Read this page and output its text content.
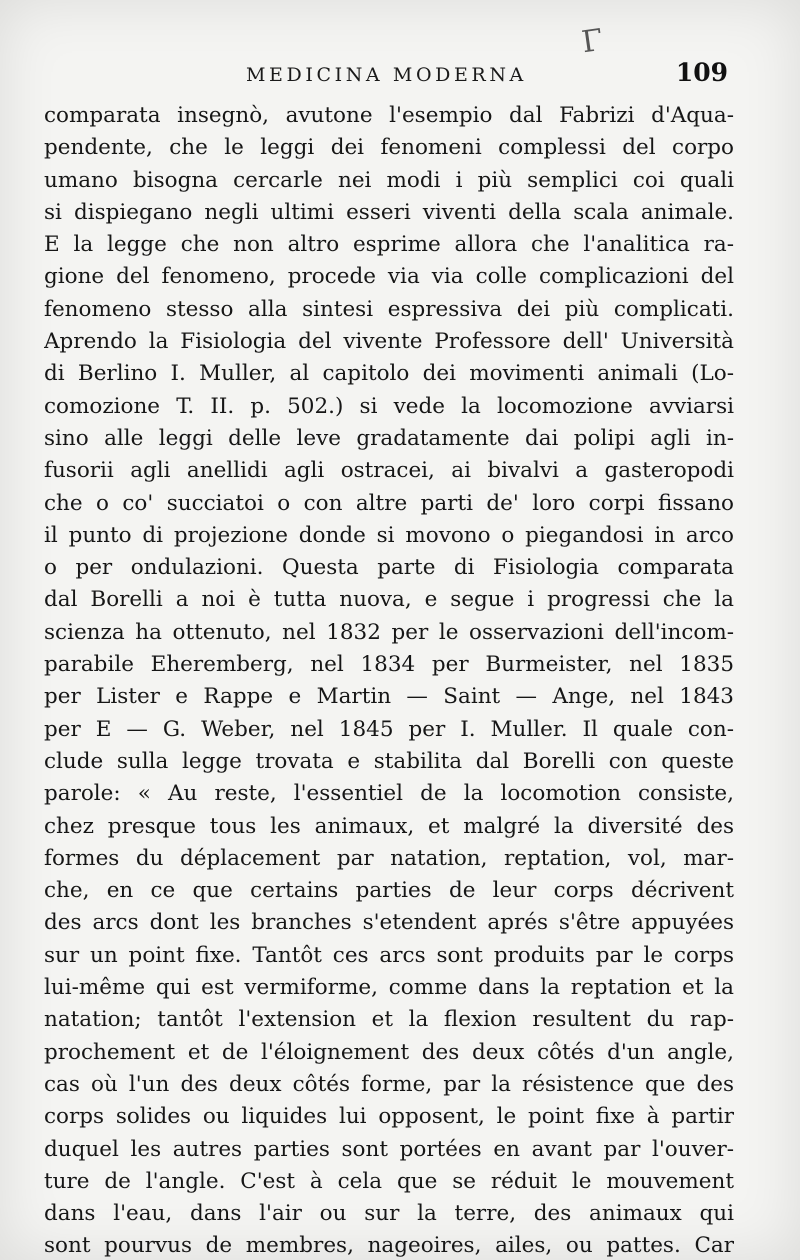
Γ
MEDICINA MODERNA	109
comparata insegnò, avutone l'esempio dal Fabrizi d'Aqua-
pendente, che le leggi dei fenomeni complessi del corpo
umano bisogna cercarle nei modi i più semplici coi quali
si dispiegano negli ultimi esseri viventi della scala animale.
E la legge che non altro esprime allora che l'analitica ra-
gione del fenomeno, procede via via colle complicazioni del
fenomeno stesso alla sintesi espressiva dei più complicati.
Aprendo la Fisiologia del vivente Professore dell' Università
di Berlino I. Muller, al capitolo dei movimenti animali (Lo-
comozione T. II. p. 502.) si vede la locomozione avviarsi
sino alle leggi delle leve gradatamente dai polipi agli in-
fusorii agli anellidi agli ostracei, ai bivalvi a gasteropodi
che o co' succiatoi o con altre parti de' loro corpi fissano
il punto di projezione donde si movono o piegandosi in arco
o per ondulazioni. Questa parte di Fisiologia comparata
dal Borelli a noi è tutta nuova, e segue i progressi che la
scienza ha ottenuto, nel 1832 per le osservazioni dell'incom-
parabile Eheremberg, nel 1834 per Burmeister, nel 1835
per Lister e Rappe e Martin — Saint — Ange, nel 1843
per E — G. Weber, nel 1845 per I. Muller. Il quale con-
clude sulla legge trovata e stabilita dal Borelli con queste
parole: « Au reste, l'essentiel de la locomotion consiste,
chez presque tous les animaux, et malgré la diversité des
formes du déplacement par natation, reptation, vol, mar-
che, en ce que certains parties de leur corps décrivent
des arcs dont les branches s'etendent aprés s'être appuyées
sur un point fixe. Tantôt ces arcs sont produits par le corps
lui-même qui est vermiforme, comme dans la reptation et la
natation; tantôt l'extension et la flexion resultent du rap-
prochement et de l'éloignement des deux côtés d'un angle,
cas où l'un des deux côtés forme, par la résistence que des
corps solides ou liquides lui opposent, le point fixe à partir
duquel les autres parties sont portées en avant par l'ouver-
ture de l'angle. C'est à cela que se réduit le mouvement
dans l'eau, dans l'air ou sur la terre, des animaux qui
sont pourvus de membres, nageoires, ailes, ou pattes. Car
